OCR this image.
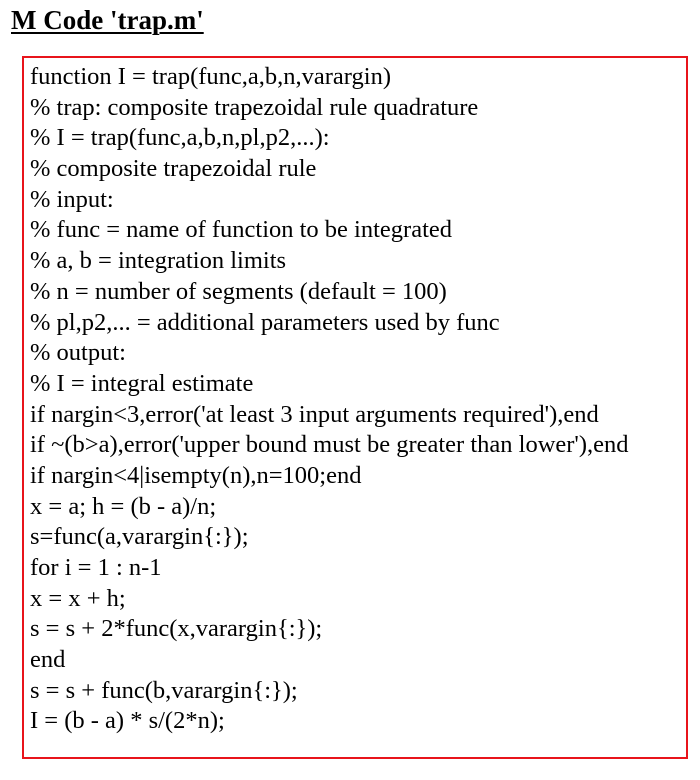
M Code 'trap.m'
function I = trap(func,a,b,n,varargin)
% trap: composite trapezoidal rule quadrature
% I = trap(func,a,b,n,pl,p2,...):
% composite trapezoidal rule
% input:
% func = name of function to be integrated
% a, b = integration limits
% n = number of segments (default = 100)
% pl,p2,... = additional parameters used by func
% output:
% I = integral estimate
if nargin<3,error('at least 3 input arguments required'),end
if ~(b>a),error('upper bound must be greater than lower'),end
if nargin<4|isempty(n),n=100;end
x = a; h = (b - a)/n;
s=func(a,varargin{:});
for i = 1 : n-1
x = x + h;
s = s + 2*func(x,varargin{:});
end
s = s + func(b,varargin{:});
I = (b - a) * s/(2*n);
